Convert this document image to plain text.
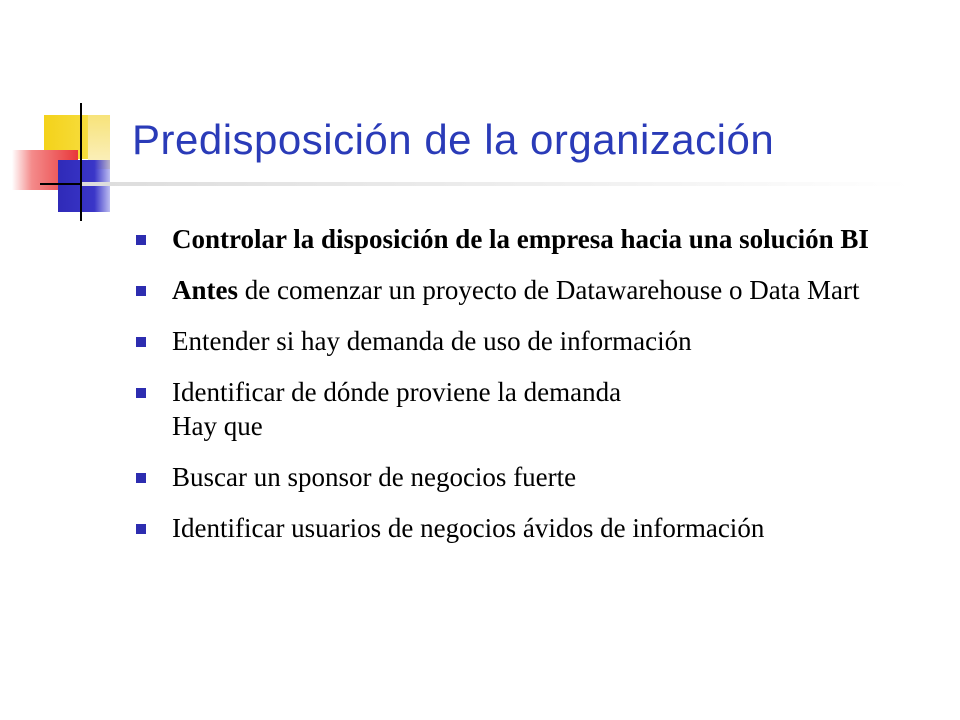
Predisposición de la organización
Controlar la disposición de la empresa hacia una solución BI
Antes de comenzar un proyecto de Datawarehouse o Data Mart
Entender si hay demanda de uso de información
Identificar de dónde proviene la demanda
Hay que
Buscar un sponsor de negocios fuerte
Identificar usuarios de negocios ávidos de información
